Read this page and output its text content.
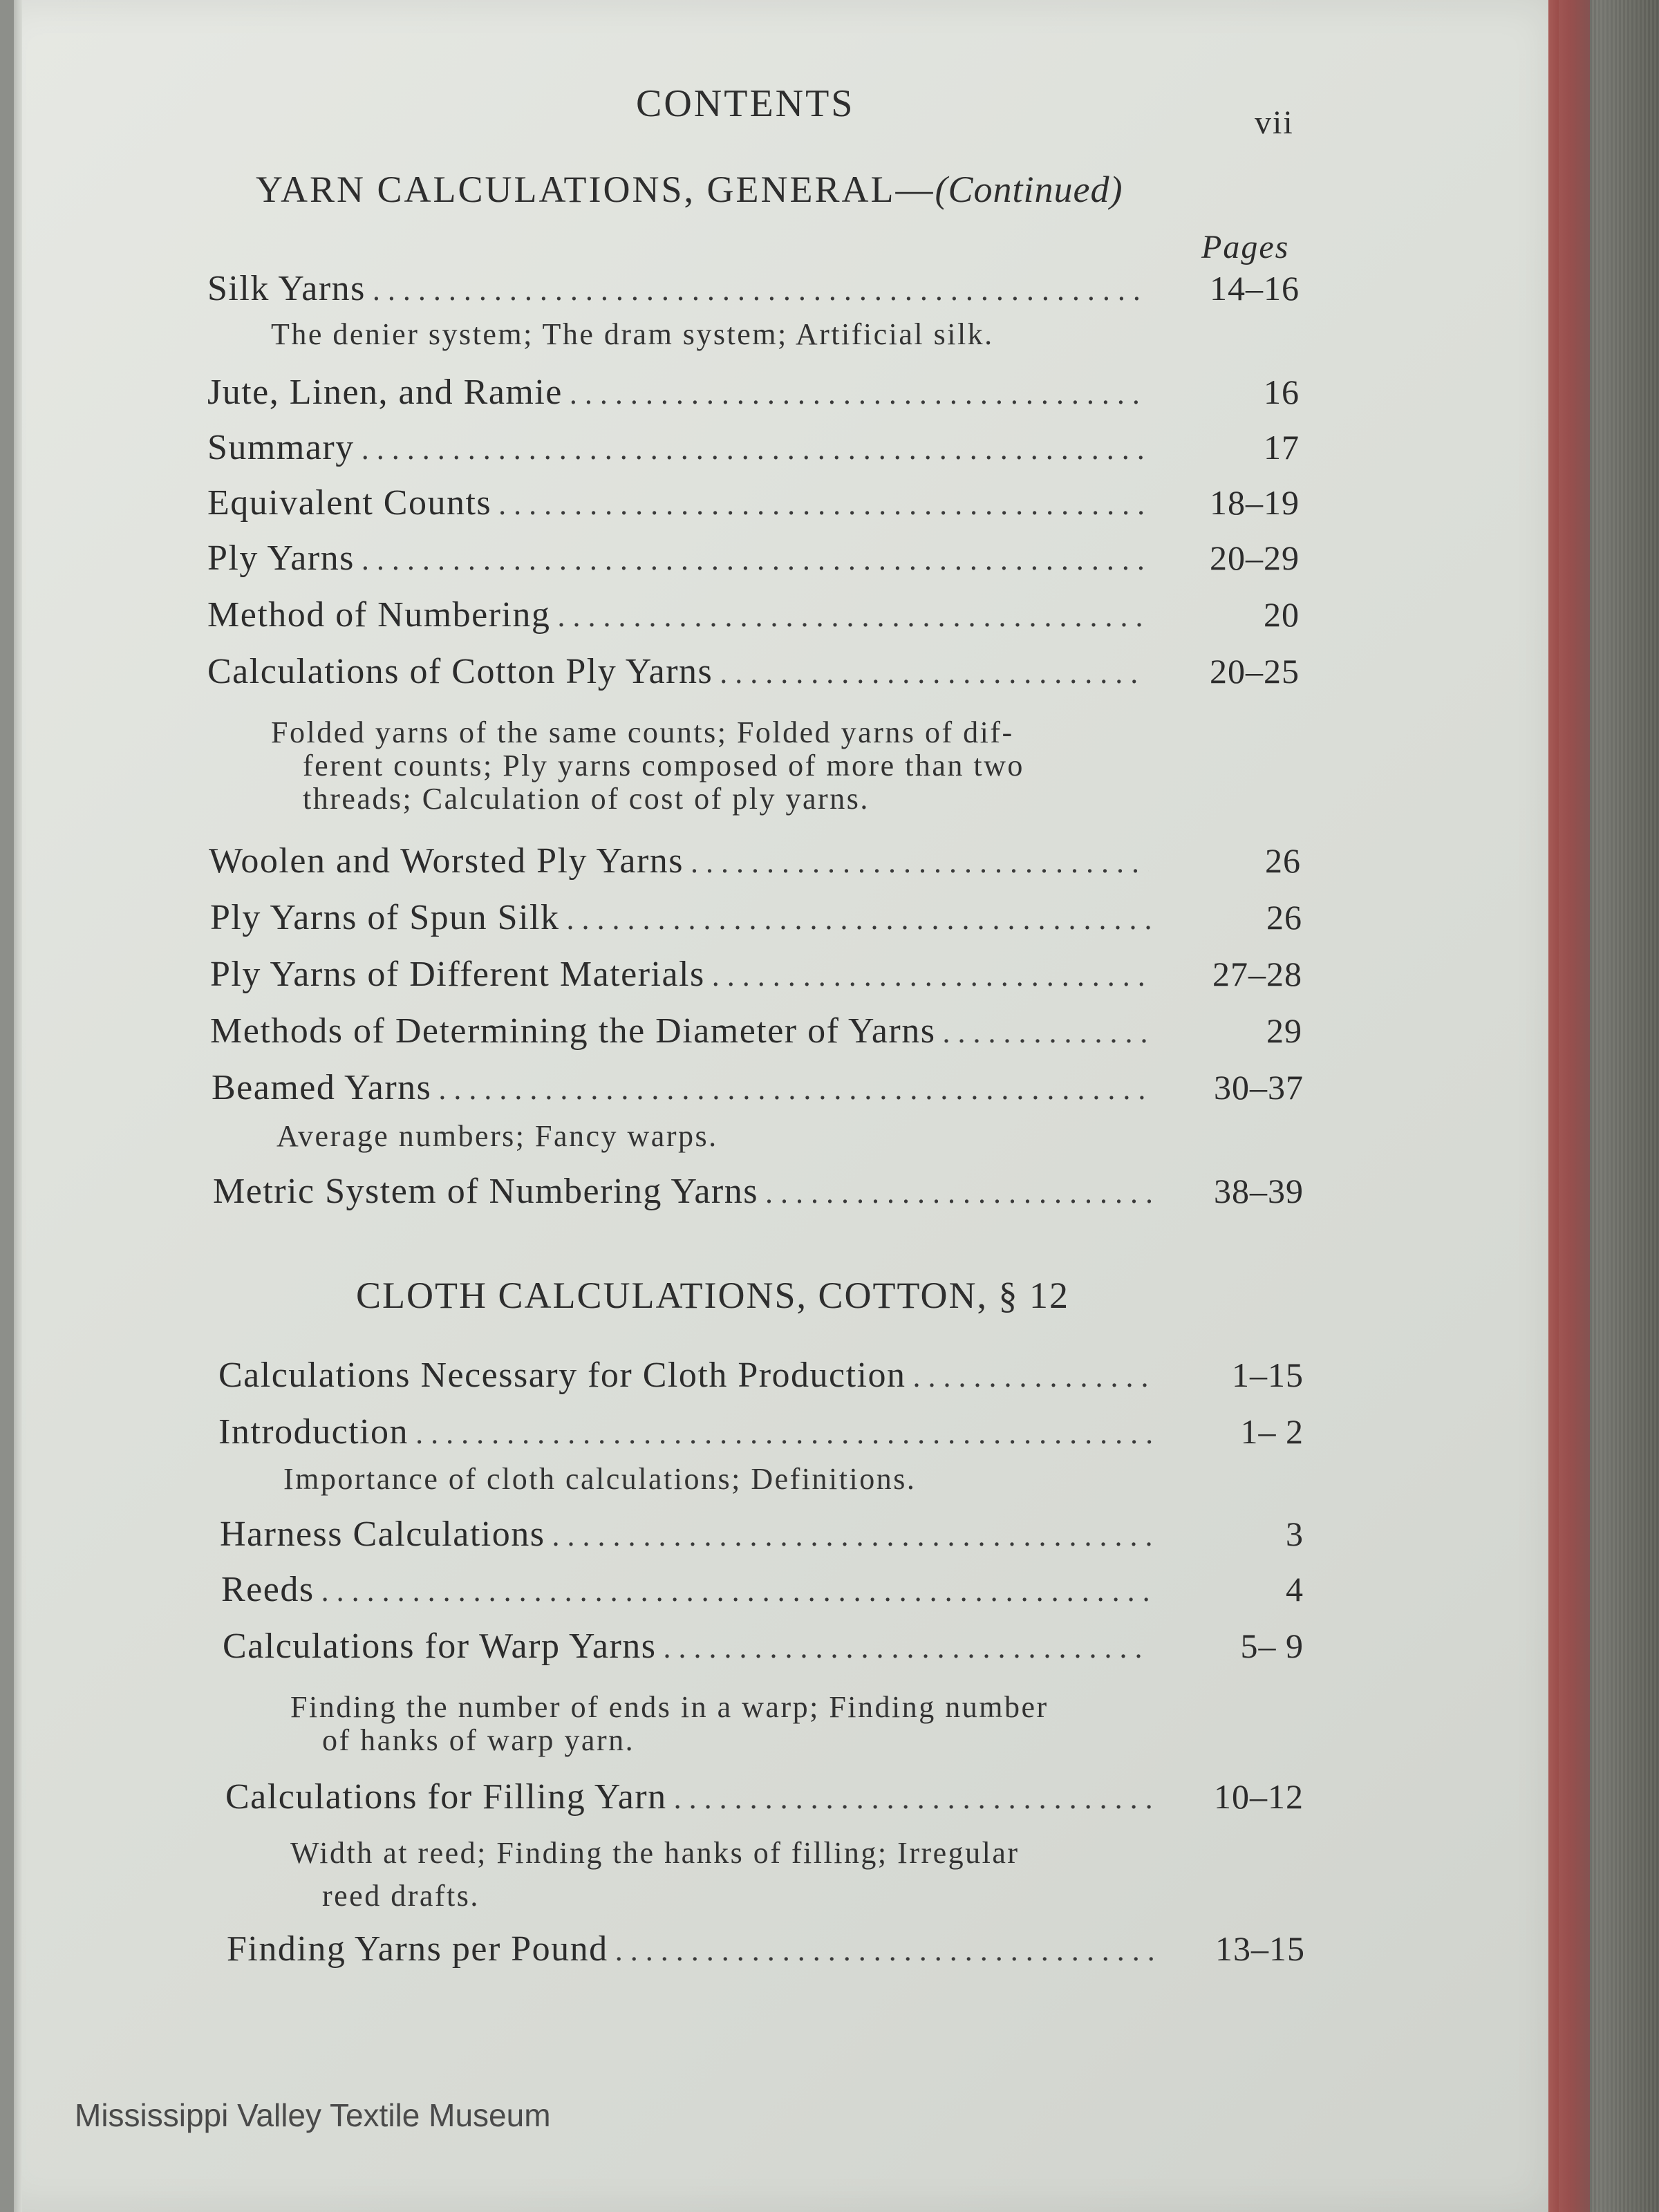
CONTENTS	vii
YARN CALCULATIONS, GENERAL—(Continued)
Pages
Silk Yarns . . .	14–16
The denier system; The dram system; Artificial silk.
Jute, Linen, and Ramie . . .	16
Summary . . .	17
Equivalent Counts . . .	18–19
Ply Yarns . . .	20–29
Method of Numbering . . .	20
Calculations of Cotton Ply Yarns . . .	20–25
Folded yarns of the same counts; Folded yarns of dif-
ferent counts; Ply yarns composed of more than two
threads; Calculation of cost of ply yarns.
Woolen and Worsted Ply Yarns . . .	26
Ply Yarns of Spun Silk . . .	26
Ply Yarns of Different Materials . . .	27–28
Methods of Determining the Diameter of Yarns . . .	29
Beamed Yarns . . .	30–37
Average numbers; Fancy warps.
Metric System of Numbering Yarns . . .	38–39
CLOTH CALCULATIONS, COTTON, § 12
Calculations Necessary for Cloth Production . . .	1–15
Introduction . . .	1– 2
Importance of cloth calculations; Definitions.
Harness Calculations . . .	3
Reeds . . .	4
Calculations for Warp Yarns . . .	5– 9
Finding the number of ends in a warp; Finding number
of hanks of warp yarn.
Calculations for Filling Yarn . . .	10–12
Width at reed; Finding the hanks of filling; Irregular
reed drafts.
Finding Yarns per Pound . . .	13–15
Mississippi Valley Textile Museum
